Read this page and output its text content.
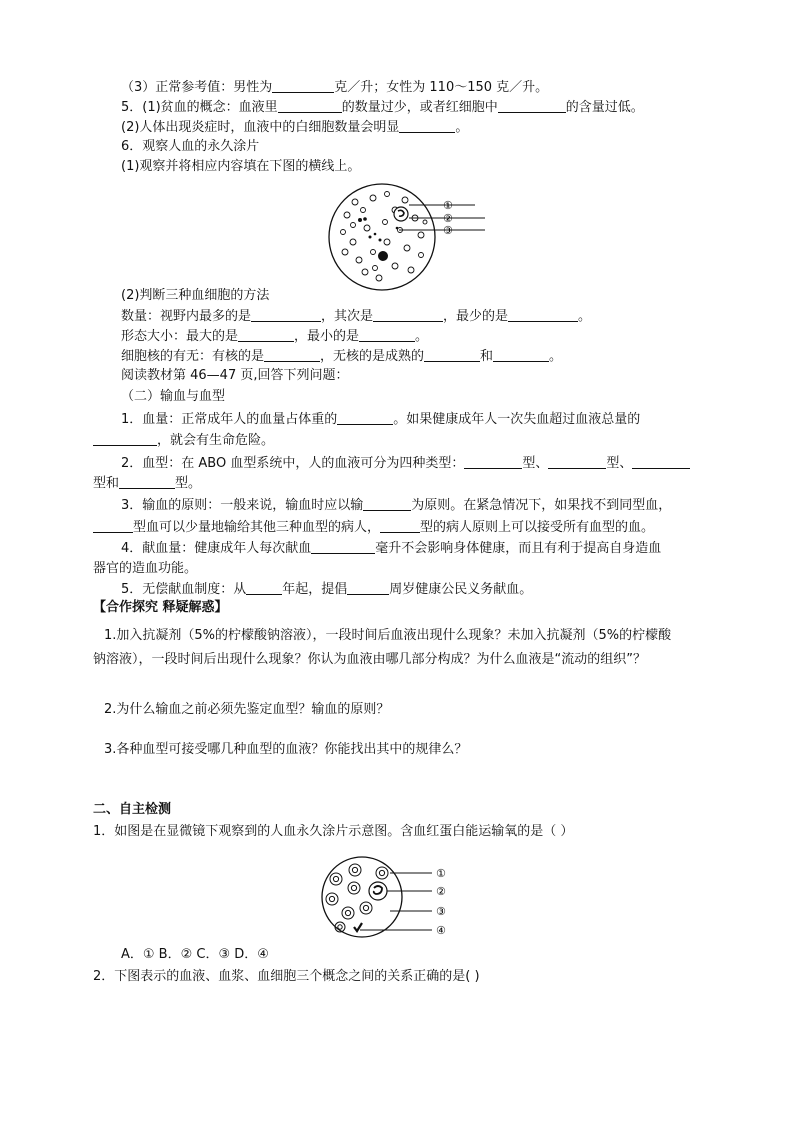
（3）正常参考值：男性为	克／升；女性为 110～150 克／升。
5．(1)贫血的概念：血液里	的数量过少，或者红细胞中	的含量过低。
(2)人体出现炎症时，血液中的白细胞数量会明显	。
6．观察人血的永久涂片
(1)观察并将相应内容填在下图的横线上。
①
②
③
(2)判断三种血细胞的方法
数量：视野内最多的是	，其次是	，最少的是	。
形态大小：最大的是	，最小的是	。
细胞核的有无：有核的是	，无核的是成熟的	和	。
阅读教材第 46—47 页,回答下列问题：
（二）输血与血型
1．血量：正常成年人的血量占体重的	。如果健康成年人一次失血超过血液总量的
，就会有生命危险。
2．血型：在 ABO 血型系统中，人的血液可分为四种类型：	型、	型、
型和	型。
3．输血的原则：一般来说，输血时应以输	为原则。在紧急情况下，如果找不到同型血，
型血可以少量地输给其他三种血型的病人，	型的病人原则上可以接受所有血型的血。
4．献血量：健康成年人每次献血	毫升不会影响身体健康，而且有利于提高自身造血
器官的造血功能。
5．无偿献血制度：从	年起，提倡	周岁健康公民义务献血。
【合作探究 释疑解惑】
1.加入抗凝剂（5%的柠檬酸钠溶液），一段时间后血液出现什么现象？未加入抗凝剂（5%的柠檬酸
钠溶液），一段时间后出现什么现象？你认为血液由哪几部分构成？为什么血液是“流动的组织”？
2.为什么输血之前必须先鉴定血型？输血的原则？
3.各种血型可接受哪几种血型的血液？你能找出其中的规律么？
二、自主检测
1．如图是在显微镜下观察到的人血永久涂片示意图。含血红蛋白能运输氧的是（ ）
①
②
③
④
A．① B．② C．③ D．④
2．下图表示的血液、血浆、血细胞三个概念之间的关系正确的是( )
